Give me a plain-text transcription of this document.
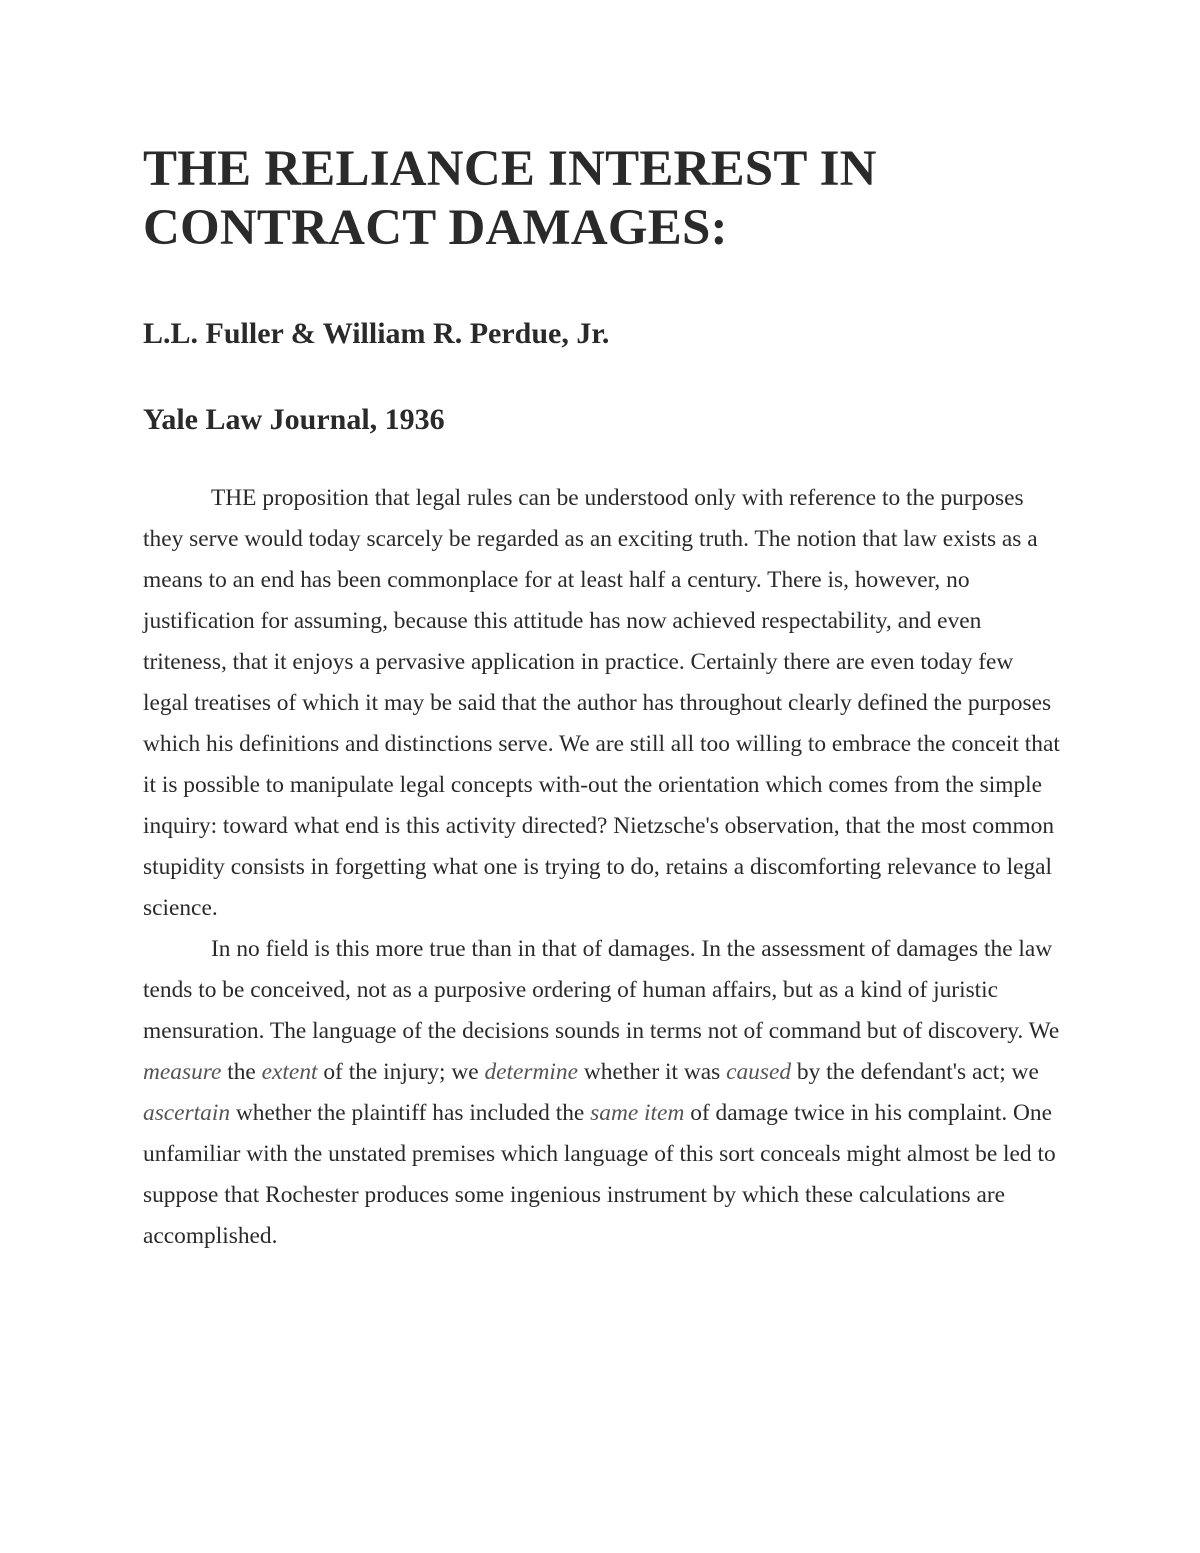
THE RELIANCE INTEREST IN
CONTRACT DAMAGES:
L.L. Fuller & William R. Perdue, Jr.
Yale Law Journal, 1936

THE proposition that legal rules can be understood only with reference to the purposes they serve would today scarcely be regarded as an exciting truth. The notion that law exists as a means to an end has been commonplace for at least half a century. There is, however, no justification for assuming, because this attitude has now achieved respectability, and even triteness, that it enjoys a pervasive application in practice. Certainly there are even today few legal treatises of which it may be said that the author has throughout clearly defined the purposes which his definitions and distinctions serve. We are still all too willing to embrace the conceit that it is possible to manipulate legal concepts with-out the orientation which comes from the simple inquiry: toward what end is this activity directed? Nietzsche's observation, that the most common stupidity consists in forgetting what one is trying to do, retains a discomforting relevance to legal science.

In no field is this more true than in that of damages. In the assessment of damages the law tends to be conceived, not as a purposive ordering of human affairs, but as a kind of juristic mensuration. The language of the decisions sounds in terms not of command but of discovery. We measure the extent of the injury; we determine whether it was caused by the defendant's act; we ascertain whether the plaintiff has included the same item of damage twice in his complaint. One unfamiliar with the unstated premises which language of this sort conceals might almost be led to suppose that Rochester produces some ingenious instrument by which these calculations are accomplished.
